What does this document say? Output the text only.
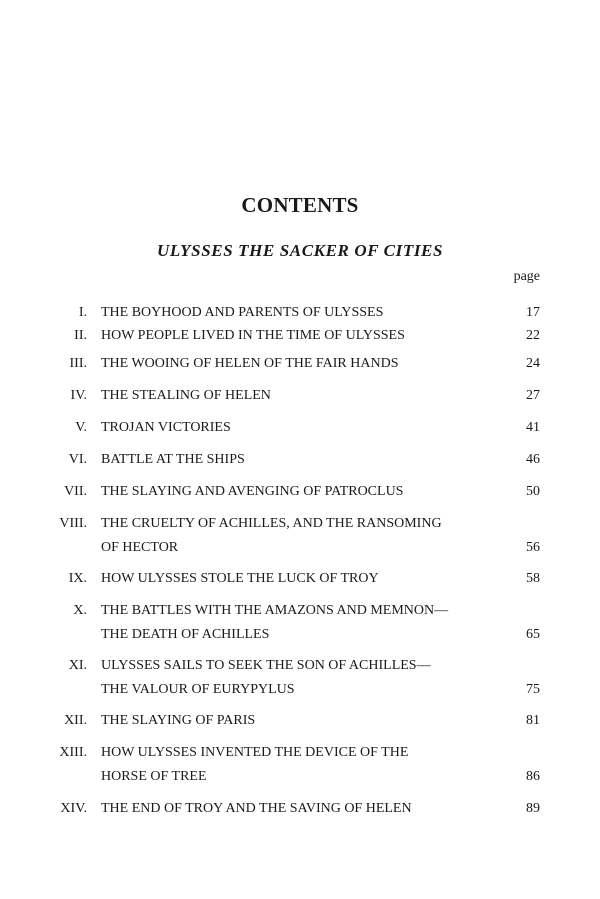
CONTENTS
ULYSSES THE SACKER OF CITIES
page
I. THE BOYHOOD AND PARENTS OF ULYSSES	17
II. HOW PEOPLE LIVED IN THE TIME OF ULYSSES	22
III. THE WOOING OF HELEN OF THE FAIR HANDS	24
IV. THE STEALING OF HELEN	27
V. TROJAN VICTORIES	41
VI. BATTLE AT THE SHIPS	46
VII. THE SLAYING AND AVENGING OF PATROCLUS	50
VIII. THE CRUELTY OF ACHILLES, AND THE RANSOMING
OF HECTOR	56
IX. HOW ULYSSES STOLE THE LUCK OF TROY	58
X. THE BATTLES WITH THE AMAZONS AND MEMNON—
THE DEATH OF ACHILLES	65
XI. ULYSSES SAILS TO SEEK THE SON OF ACHILLES—
THE VALOUR OF EURYPYLUS	75
XII. THE SLAYING OF PARIS	81
XIII. HOW ULYSSES INVENTED THE DEVICE OF THE
HORSE OF TREE	86
XIV. THE END OF TROY AND THE SAVING OF HELEN	89
